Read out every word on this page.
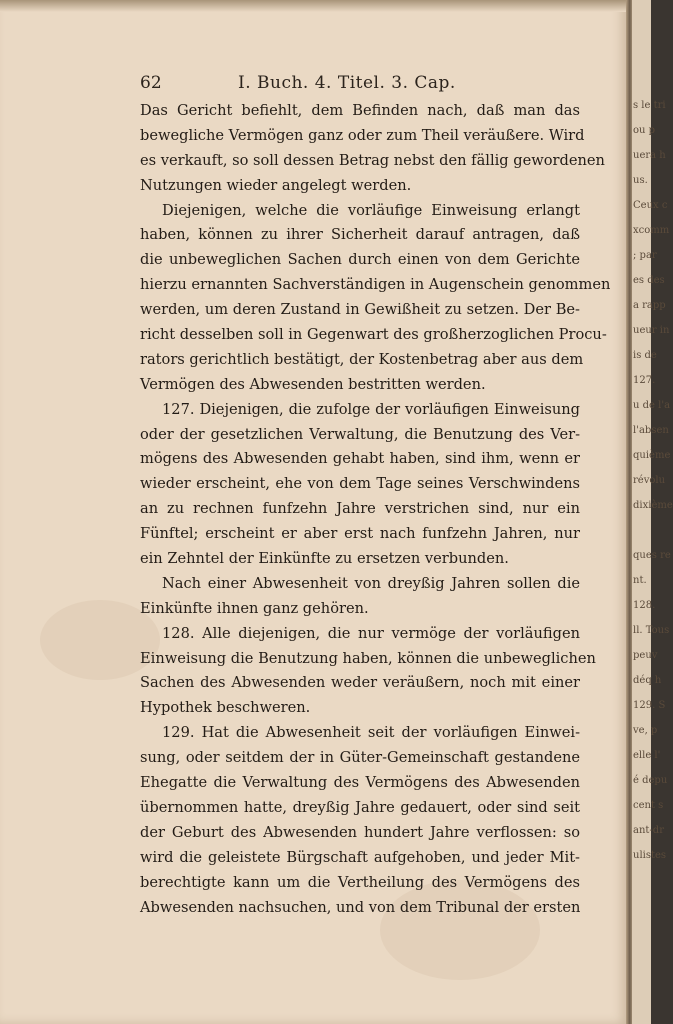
62	I. Buch. 4. Titel. 3. Cap.
Das Gericht befiehlt, dem Befinden nach, daß man das
bewegliche Vermögen ganz oder zum Theil veräußere. Wird
es verkauft, so soll dessen Betrag nebst den fällig gewordenen
Nutzungen wieder angelegt werden.
Diejenigen, welche die vorläufige Einweisung erlangt
haben, können zu ihrer Sicherheit darauf antragen, daß
die unbeweglichen Sachen durch einen von dem Gerichte
hierzu ernannten Sachverständigen in Augenschein genommen
werden, um deren Zustand in Gewißheit zu setzen. Der Be-
richt desselben soll in Gegenwart des großherzoglichen Procu-
rators gerichtlich bestätigt, der Kostenbetrag aber aus dem
Vermögen des Abwesenden bestritten werden.
127. Diejenigen, die zufolge der vorläufigen Einweisung
oder der gesetzlichen Verwaltung, die Benutzung des Ver-
mögens des Abwesenden gehabt haben, sind ihm, wenn er
wieder erscheint, ehe von dem Tage seines Verschwindens
an zu rechnen funfzehn Jahre verstrichen sind, nur ein
Fünftel; erscheint er aber erst nach funfzehn Jahren, nur
ein Zehntel der Einkünfte zu ersetzen verbunden.
Nach einer Abwesenheit von dreyßig Jahren sollen die
Einkünfte ihnen ganz gehören.
128. Alle diejenigen, die nur vermöge der vorläufigen
Einweisung die Benutzung haben, können die unbeweglichen
Sachen des Abwesenden weder veräußern, noch mit einer
Hypothek beschweren.
129. Hat die Abwesenheit seit der vorläufigen Einwei-
sung, oder seitdem der in Güter-Gemeinschaft gestandene
Ehegatte die Verwaltung des Vermögens des Abwesenden
übernommen hatte, dreyßig Jahre gedauert, oder sind seit
der Geburt des Abwesenden hundert Jahre verflossen: so
wird die geleistete Bürgschaft aufgehoben, und jeder Mit-
berechtigte kann um die Vertheilung des Vermögens des
Abwesenden nachsuchen, und von dem Tribunal der ersten
s le tri
ou p
uera h
us.
Ceux c
xcomm
; par
es des
a rapp
ueur in
is de
127.
u de l'a
l'absen
quième
révolu
dixième
ques re
nt.
128.
ll. Tous
peuv
déq h
129. S
ve, p
elle l'
é depu
cent s
ant-dr
ulistes
